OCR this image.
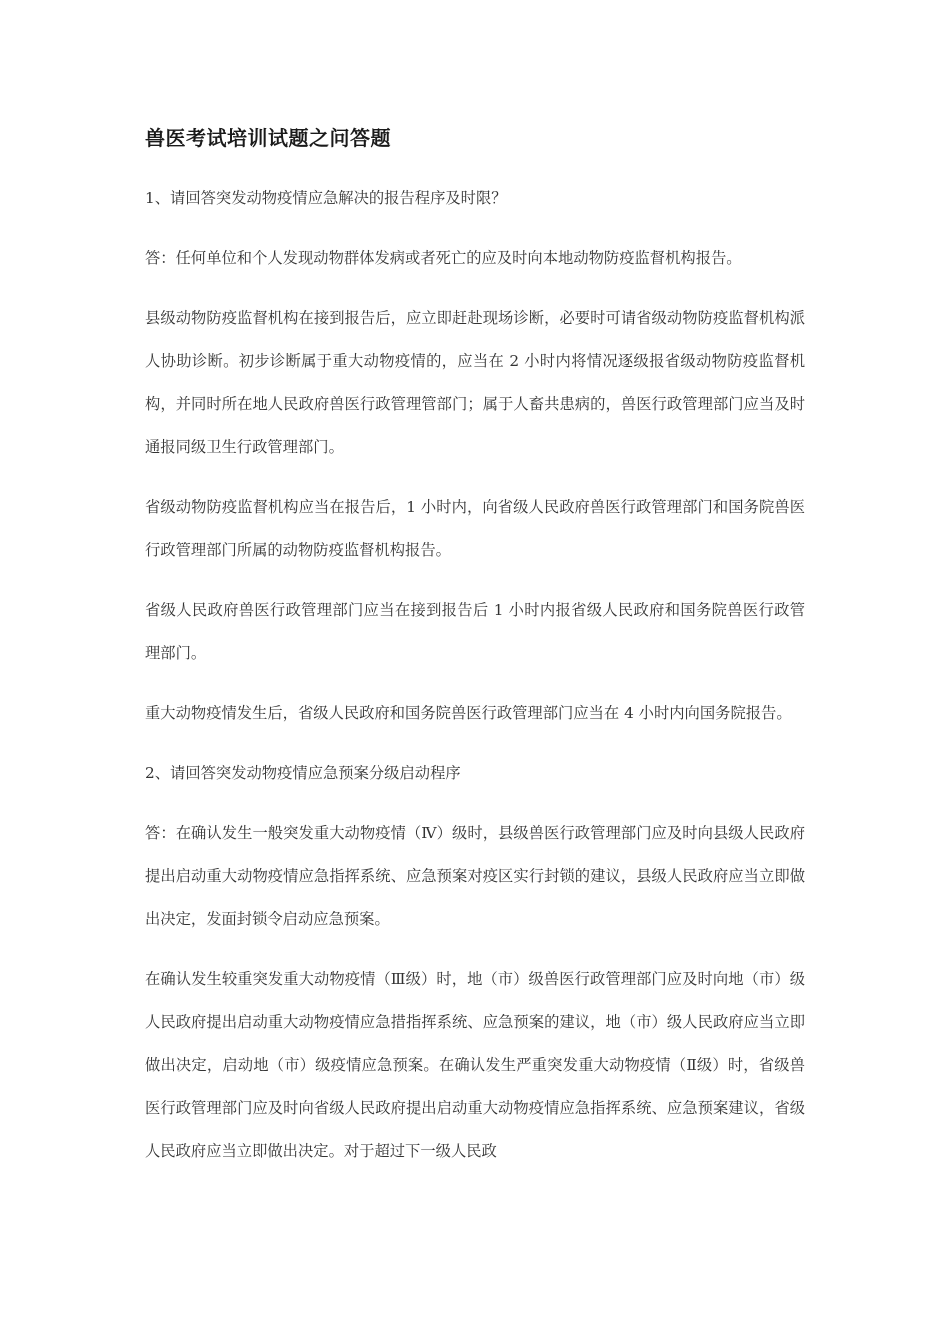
兽医考试培训试题之问答题

1、请回答突发动物疫情应急解决的报告程序及时限？

答：任何单位和个人发现动物群体发病或者死亡的应及时向本地动物防疫监督机构报告。

县级动物防疫监督机构在接到报告后，应立即赶赴现场诊断，必要时可请省级动物防疫监督机构派人协助诊断。初步诊断属于重大动物疫情的，应当在 2 小时内将情况逐级报省级动物防疫监督机构，并同时所在地人民政府兽医行政管理管部门；属于人畜共患病的，兽医行政管理部门应当及时通报同级卫生行政管理部门。

省级动物防疫监督机构应当在报告后，1 小时内，向省级人民政府兽医行政管理部门和国务院兽医行政管理部门所属的动物防疫监督机构报告。

省级人民政府兽医行政管理部门应当在接到报告后 1 小时内报省级人民政府和国务院兽医行政管理部门。

重大动物疫情发生后，省级人民政府和国务院兽医行政管理部门应当在 4 小时内向国务院报告。

2、请回答突发动物疫情应急预案分级启动程序

答：在确认发生一般突发重大动物疫情（Ⅳ）级时，县级兽医行政管理部门应及时向县级人民政府提出启动重大动物疫情应急指挥系统、应急预案对疫区实行封锁的建议，县级人民政府应当立即做出决定，发面封锁令启动应急预案。

在确认发生较重突发重大动物疫情（Ⅲ级）时，地（市）级兽医行政管理部门应及时向地（市）级人民政府提出启动重大动物疫情应急措指挥系统、应急预案的建议，地（市）级人民政府应当立即做出决定，启动地（市）级疫情应急预案。在确认发生严重突发重大动物疫情（Ⅱ级）时，省级兽医行政管理部门应及时向省级人民政府提出启动重大动物疫情应急指挥系统、应急预案建议，省级人民政府应当立即做出决定。对于超过下一级人民政
